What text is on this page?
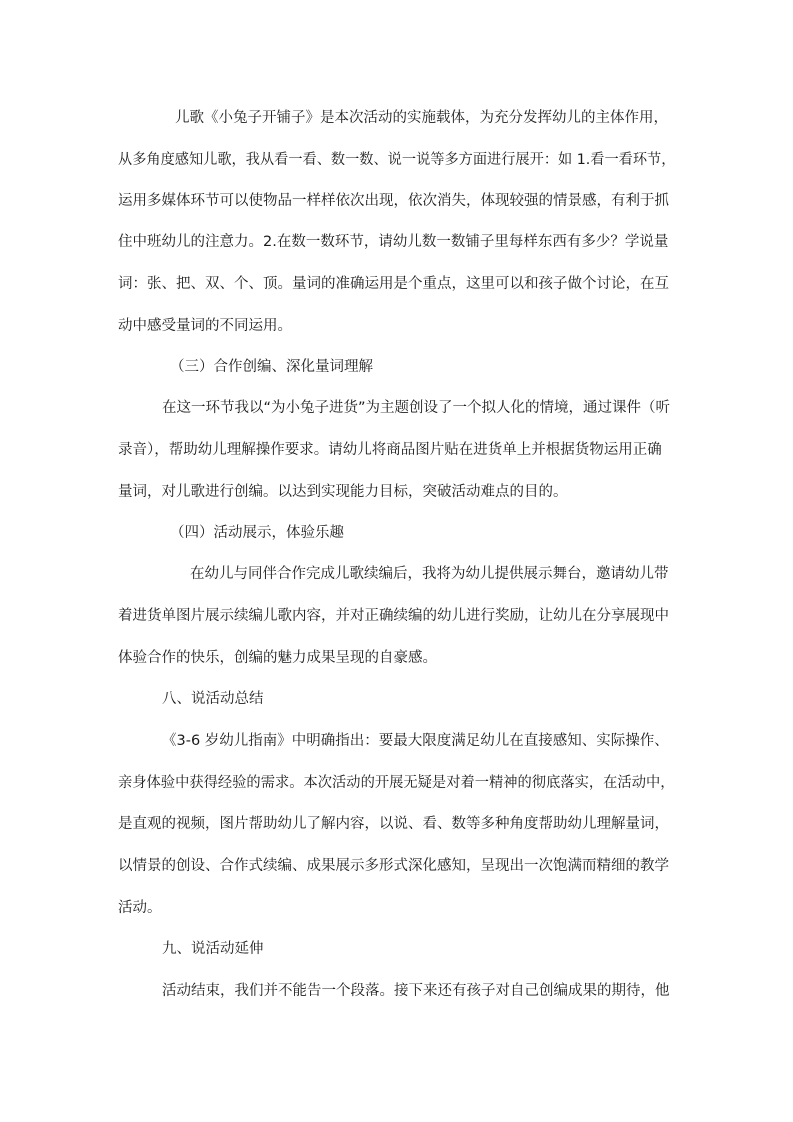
儿歌《小兔子开铺子》是本次活动的实施载体，为充分发挥幼儿的主体作用，
从多角度感知儿歌，我从看一看、数一数、说一说等多方面进行展开：如 1.看一看环节，
运用多媒体环节可以使物品一样样依次出现，依次消失，体现较强的情景感，有利于抓
住中班幼儿的注意力。2.在数一数环节，请幼儿数一数铺子里每样东西有多少？学说量
词：张、把、双、个、顶。量词的准确运用是个重点，这里可以和孩子做个讨论，在互
动中感受量词的不同运用。
（三）合作创编、深化量词理解
在这一环节我以“为小兔子进货”为主题创设了一个拟人化的情境，通过课件（听
录音），帮助幼儿理解操作要求。请幼儿将商品图片贴在进货单上并根据货物运用正确
量词，对儿歌进行创编。以达到实现能力目标，突破活动难点的目的。
（四）活动展示，体验乐趣
在幼儿与同伴合作完成儿歌续编后，我将为幼儿提供展示舞台，邀请幼儿带
着进货单图片展示续编儿歌内容，并对正确续编的幼儿进行奖励，让幼儿在分享展现中
体验合作的快乐，创编的魅力成果呈现的自豪感。
八、说活动总结
《3-6 岁幼儿指南》中明确指出：要最大限度满足幼儿在直接感知、实际操作、
亲身体验中获得经验的需求。本次活动的开展无疑是对着一精神的彻底落实，在活动中，
是直观的视频，图片帮助幼儿了解内容，以说、看、数等多种角度帮助幼儿理解量词，
以情景的创设、合作式续编、成果展示多形式深化感知，呈现出一次饱满而精细的教学
活动。
九、说活动延伸
活动结束，我们并不能告一个段落。接下来还有孩子对自己创编成果的期待，他
